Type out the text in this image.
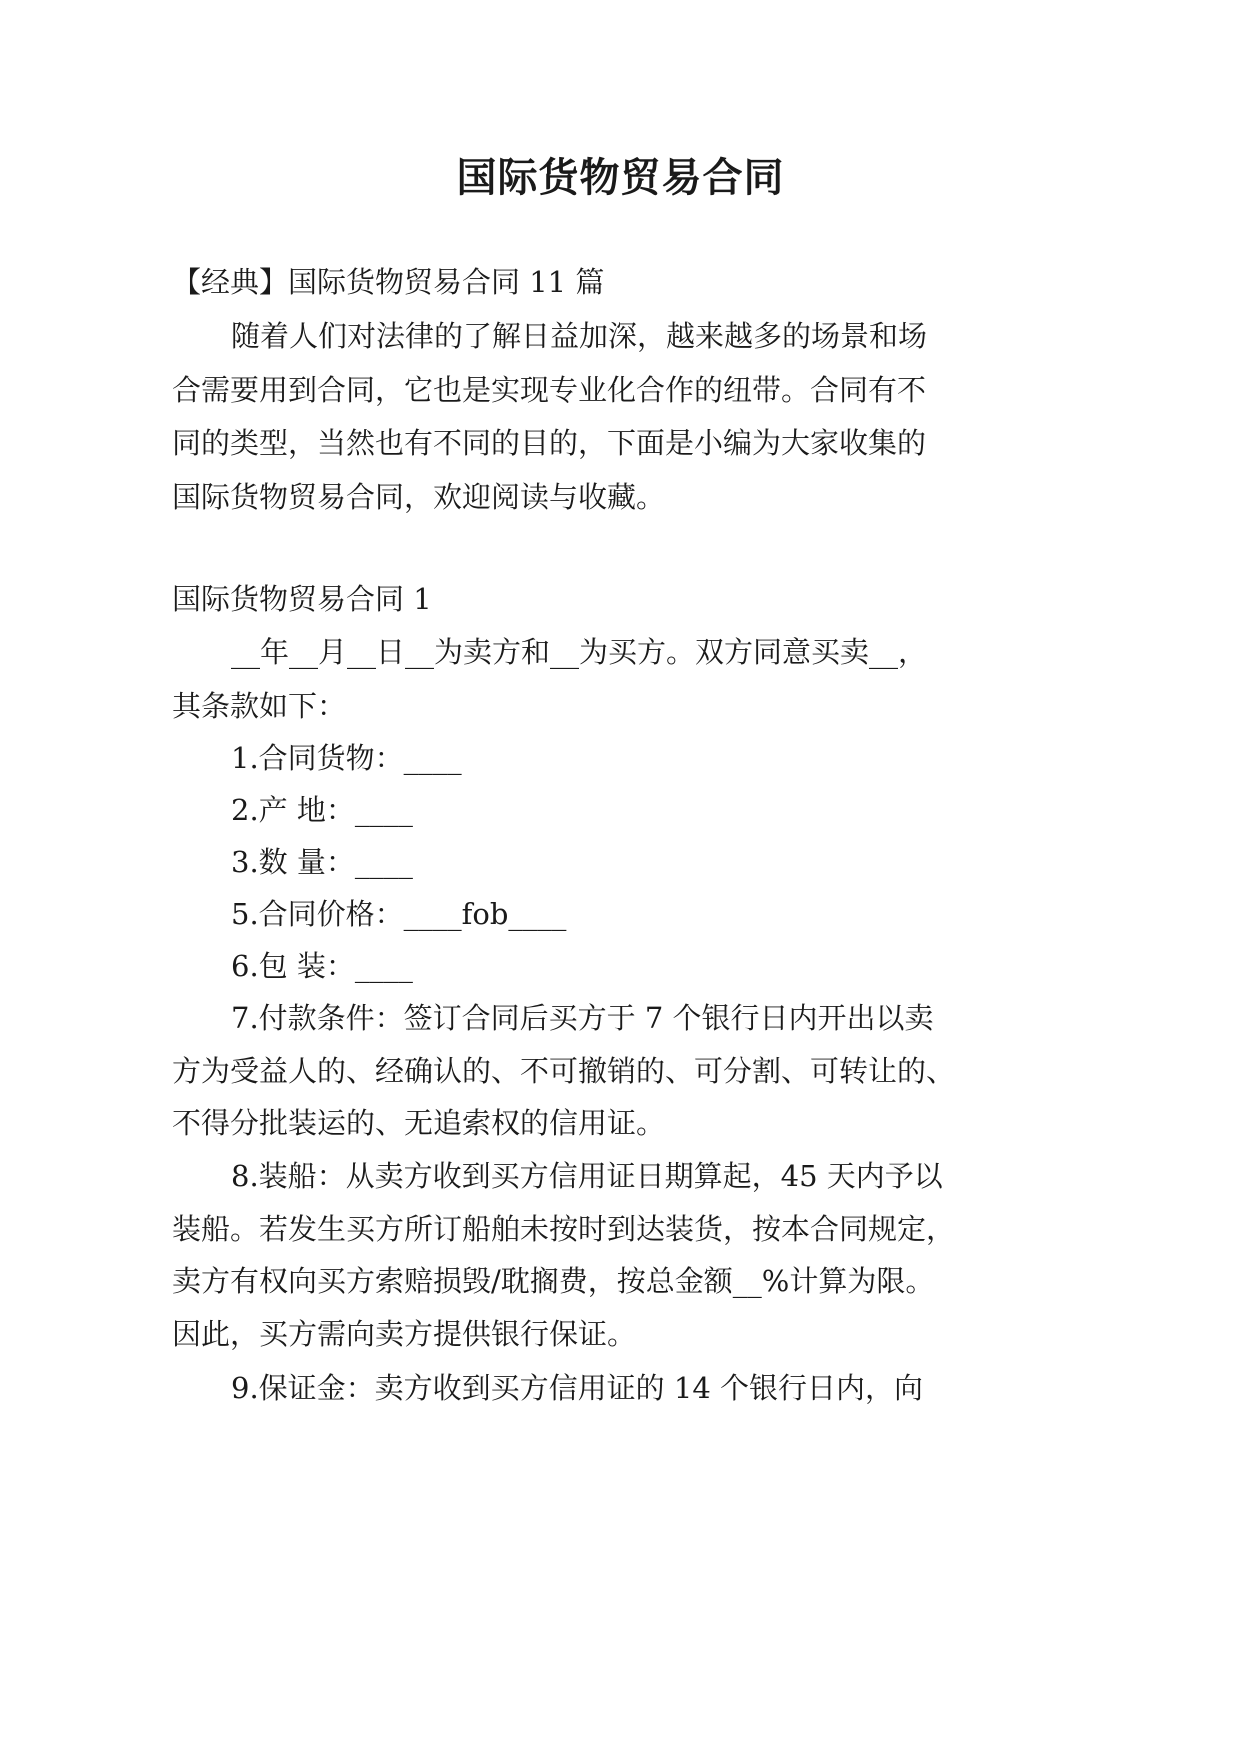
国际货物贸易合同
【经典】国际货物贸易合同 11 篇
随着人们对法律的了解日益加深，越来越多的场景和场
合需要用到合同，它也是实现专业化合作的纽带。合同有不
同的类型，当然也有不同的目的，下面是小编为大家收集的
国际货物贸易合同，欢迎阅读与收藏。
国际货物贸易合同 1
__年__月__日__为卖方和__为买方。双方同意买卖__，
其条款如下：
1.合同货物：____
2.产 地：____
3.数 量：____
5.合同价格：____fob____
6.包 装：____
7.付款条件：签订合同后买方于 7 个银行日内开出以卖
方为受益人的、经确认的、不可撤销的、可分割、可转让的、
不得分批装运的、无追索权的信用证。
8.装船：从卖方收到买方信用证日期算起，45 天内予以
装船。若发生买方所订船舶未按时到达装货，按本合同规定，
卖方有权向买方索赔损毁/耽搁费，按总金额__%计算为限。
因此，买方需向卖方提供银行保证。
9.保证金：卖方收到买方信用证的 14 个银行日内，向
